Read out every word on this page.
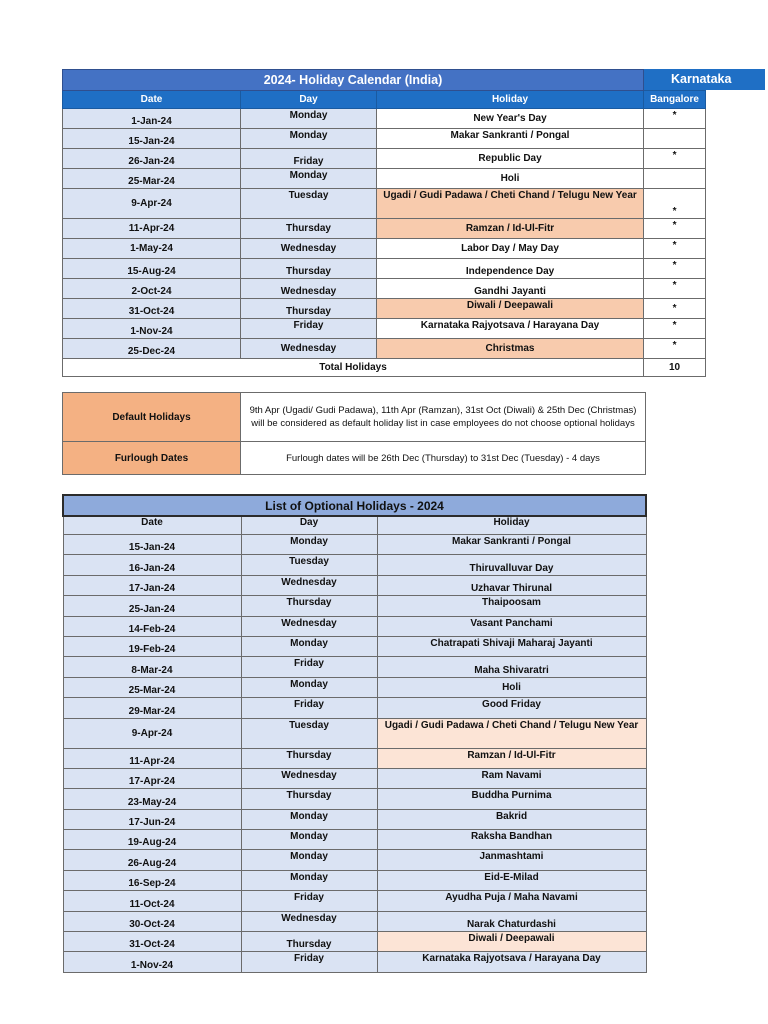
Karnataka
2024- Holiday Calendar (India)			
Date	Day	Holiday	Bangalore
1-Jan-24	Monday	New Year's Day	*
15-Jan-24	Monday	Makar Sankranti / Pongal	
26-Jan-24	Friday	Republic Day	*
25-Mar-24	Monday	Holi	
9-Apr-24	Tuesday	Ugadi / Gudi Padawa / Cheti Chand / Telugu New Year	*
11-Apr-24	Thursday	Ramzan / Id-Ul-Fitr	*
1-May-24	Wednesday	Labor Day / May Day	*
15-Aug-24	Thursday	Independence Day	*
2-Oct-24	Wednesday	Gandhi Jayanti	*
31-Oct-24	Thursday	Diwali / Deepawali	*
1-Nov-24	Friday	Karnataka Rajyotsava / Harayana Day	*
25-Dec-24	Wednesday	Christmas	*
Total Holidays			10
Default Holidays	9th Apr (Ugadi/ Gudi Padawa), 11th Apr (Ramzan), 31st Oct (Diwali) & 25th Dec (Christmas) will be considered as default holiday list in case employees do not choose optional holidays
Furlough Dates	Furlough dates will be 26th Dec (Thursday) to 31st Dec (Tuesday) - 4 days
List of Optional Holidays - 2024		
Date	Day	Holiday
15-Jan-24	Monday	Makar Sankranti / Pongal
16-Jan-24	Tuesday	Thiruvalluvar Day
17-Jan-24	Wednesday	Uzhavar Thirunal
25-Jan-24	Thursday	Thaipoosam
14-Feb-24	Wednesday	Vasant Panchami
19-Feb-24	Monday	Chatrapati Shivaji Maharaj Jayanti
8-Mar-24	Friday	Maha Shivaratri
25-Mar-24	Monday	Holi
29-Mar-24	Friday	Good Friday
9-Apr-24	Tuesday	Ugadi / Gudi Padawa / Cheti Chand / Telugu New Year
11-Apr-24	Thursday	Ramzan / Id-Ul-Fitr
17-Apr-24	Wednesday	Ram Navami
23-May-24	Thursday	Buddha Purnima
17-Jun-24	Monday	Bakrid
19-Aug-24	Monday	Raksha Bandhan
26-Aug-24	Monday	Janmashtami
16-Sep-24	Monday	Eid-E-Milad
11-Oct-24	Friday	Ayudha Puja / Maha Navami
30-Oct-24	Wednesday	Narak Chaturdashi
31-Oct-24	Thursday	Diwali / Deepawali
1-Nov-24	Friday	Karnataka Rajyotsava / Harayana Day
